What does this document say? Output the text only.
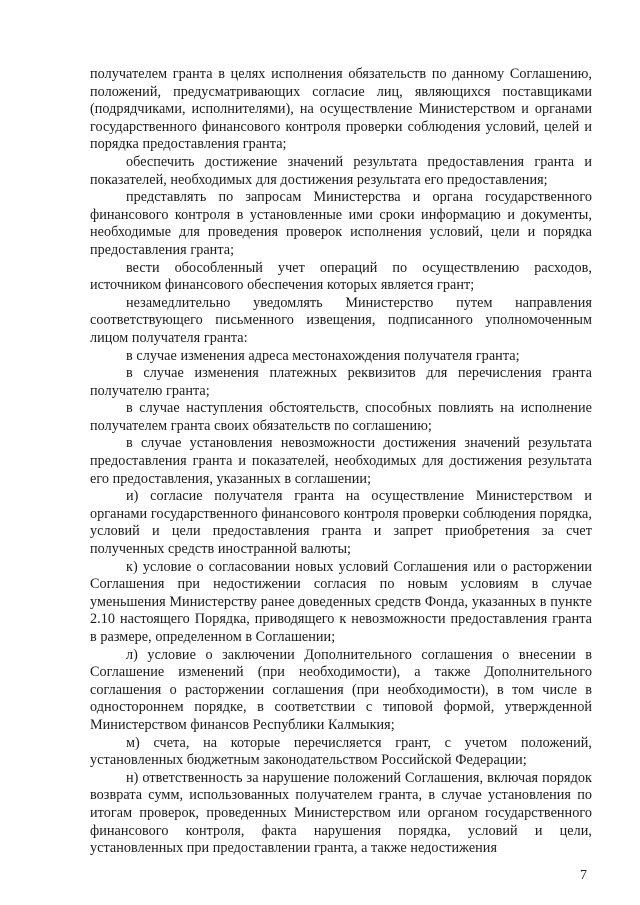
получателем гранта в целях исполнения обязательств по данному Соглашению, положений, предусматривающих согласие лиц, являющихся поставщиками (подрядчиками, исполнителями), на осуществление Министерством и органами государственного финансового контроля проверки соблюдения условий, целей и порядка предоставления гранта;

обеспечить достижение значений результата предоставления гранта и показателей, необходимых для достижения результата его предоставления;

представлять по запросам Министерства и органа государственного финансового контроля в установленные ими сроки информацию и документы, необходимые для проведения проверок исполнения условий, цели и порядка предоставления гранта;

вести обособленный учет операций по осуществлению расходов, источником финансового обеспечения которых является грант;

незамедлительно уведомлять Министерство путем направления соответствующего письменного извещения, подписанного уполномоченным лицом получателя гранта:

в случае изменения адреса местонахождения получателя гранта;

в случае изменения платежных реквизитов для перечисления гранта получателю гранта;

в случае наступления обстоятельств, способных повлиять на исполнение получателем гранта своих обязательств по соглашению;

в случае установления невозможности достижения значений результата предоставления гранта и показателей, необходимых для достижения результата его предоставления, указанных в соглашении;

и) согласие получателя гранта на осуществление Министерством и органами государственного финансового контроля проверки соблюдения порядка, условий и цели предоставления гранта и запрет приобретения за счет полученных средств иностранной валюты;

к) условие о согласовании новых условий Соглашения или о расторжении Соглашения при недостижении согласия по новым условиям в случае уменьшения Министерству ранее доведенных средств Фонда, указанных в пункте 2.10 настоящего Порядка, приводящего к невозможности предоставления гранта в размере, определенном в Соглашении;

л) условие о заключении Дополнительного соглашения о внесении в Соглашение изменений (при необходимости), а также Дополнительного соглашения о расторжении соглашения (при необходимости), в том числе в одностороннем порядке, в соответствии с типовой формой, утвержденной Министерством финансов Республики Калмыкия;

м) счета, на которые перечисляется грант, с учетом положений, установленных бюджетным законодательством Российской Федерации;

н) ответственность за нарушение положений Соглашения, включая порядок возврата сумм, использованных получателем гранта, в случае установления по итогам проверок, проведенных Министерством или органом государственного финансового контроля, факта нарушения порядка, условий и цели, установленных при предоставлении гранта, а также недостижения

7
